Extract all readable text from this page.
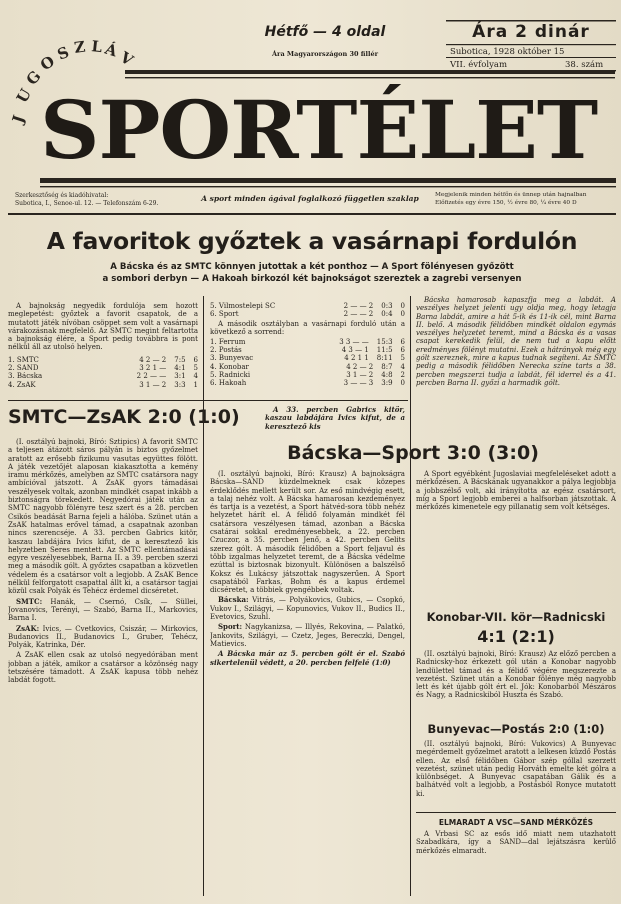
J
U
G
O
S Z L Á
V
SPORTÉLET
Hétfő — 4 oldal
Ára Magyarországon 30 fillér
Ára 2 dinár
Subotica, 1928 október 15
VII. évfolyam	38. szám
Szerkesztőség és kiadóhivatal:
Subotica, I., Senoe-ul. 12. — Telefonszám 6-29.
A sport minden ágával foglalkozó független szaklap	Megjelenik minden hétfőn és ünnep után hajnalban
Előfizetés egy évre 150, ½ évre 80, ¼ évre 40 D
A favoritok győztek a vasárnapi fordulón
A Bácska és az SMTC könnyen jutottak a két ponthoz — A Sport fölényesen győzött
a sombori derbyn — A Hakoah birkozól két bajnokságot szereztek a zagrebi versenyen

A bajnokság negyedik fordulója sem hozott meglepetést: győztek a favorit csapatok, de a mutatott játék nívóban csöppet sem volt a vasárnapi várakozásnak megfelelő. Az SMTC megint feltartotta a bajnokság élére, a Sport pedig továbbra is pont nélkül áll az utolsó helyen.

1. SMTC	4 2 — 2 7:5 6
2. SAND	3 2 1 — 4:1 5
3. Bácska	2 2 — — 3:1 4
4. ZsAK	3 1 — 2 3:3 1
5. Vilmostelepi SC	2 — — 2 0:3 0
6. Sport	2 — — 2 0:4 0

A második osztályban a vasárnapi forduló után a következő a sorrend:

1. Ferrum	3 3 — — 15:3 6
2. Postás	4 3 — 1 11:5 6
3. Bunyevac	4 2 1 1 8:11 5
4. Konobar	4 2 — 2 8:7 4
5. Radnicki	3 1 — 2 4:8 2
6. Hakoah	3 — — 3 3:9 0

Bácska hamarosab kapaszfja meg a labdát. A veszélyes helyzet jelenti ugy oldja meg, hogy letagja Barna labdát, amire a hát 5-ik és 11-ik cél, mint Barna II. belő. A második félidőben mindkét oldalon egymás veszélyes helyzetet teremt, mind a Bácska és a vasas csapat kerekedik felül, de nem tud a kapu előtt eredményes fölényt mutatni. Ezek a hátrányok még egy gólt szereznek, mire a kapus tudnak segíteni. Az SMTC pedig a második félidőben Nerecka színe tarts a 38. percben megszerzi tudja a labdát, fél iderrel és a 41. percben Barna II. győzi a harmadik gólt.

SMTC—ZsAK 2:0 (1:0)	A 33. percben Gabrics kitör, kaszau labdájára Ivics kifut, de a keresztező kis

(I. osztályú bajnoki, Bíró: Sztipics) A favorit SMTC a teljesen átázott sáros pályán is biztos győzelmet aratott az erősebb fizikumu vasutas együttes fölött. A játék vezetőjét alaposan kiakasztotta a kemény iramu mérkőzés, amelyben az SMTC csatársora nagy ambícióval játszott. A ZsAK gyors támadásai veszélyesek voltak, azonban mindkét csapat inkább a biztonságra törekedett. Negyedórai játék után az SMTC nagyobb fölényre tesz szert és a 28. percben Csikós beadását Barna fejeli a hálóba. Szünet után a ZsAK hatalmas erővel támad, a csapatnak azonban nincs szerencséje. A 33. percben Gabrics kitör, kaszau labdájára Ivics kifut, de a keresztező kis helyzetben Seres mentett. Az SMTC ellentámadásai egyre veszélyesebbek, Barna II. a 39. percben szerzi meg a második gólt. A győztes csapatban a közvetlen védelem és a csatársor volt a legjobb. A ZsAK Bence nélkül felforgatott csapattal állt ki, a csatársor tagjai közül csak Polyák és Tehécz érdemel dicséretet.

SMTC: Hanák, — Csernó, Csík, — Süllei, Jovanovics, Terényi, — Szabó, Barna II., Markovics, Barna I.

ZsAK: Ivics, — Cvetkovics, Csiszár, — Mirkovics, Budanovics II., Budanovics I., Gruber, Tehécz, Polyák, Katrinka, Dér.

A ZsAK ellen csak az utolsó negyedórában ment jobban a játék, amikor a csatársor a közönség nagy tetszésére támadott. A ZsAK kapusa több nehéz labdát fogott.

Bácska—Sport 3:0 (3:0)

(I. osztályú bajnoki, Bíró: Krausz) A bajnokságra Bácska—SAND küzdelmeknek csak közepes érdeklődés mellett került sor. Az eső mindvégig esett, a talaj nehéz volt. A Bácska hamarosan kezdeményez és tartja is a vezetést, a Sport hátvéd-sora több nehéz helyzetet hárít el. A félidő folyamán mindkét fél csatársora veszélyesen támad, azonban a Bácska csatárai sokkal eredményesebbek, a 22. percben Czuczor, a 35. percben Jenő, a 42. percben Gelits szerez gólt. A második félidőben a Sport feljavul és több izgalmas helyzetet teremt, de a Bácska védelme ezúttal is biztosnak bizonyult. Különösen a balszélső Koksz és Lukácsy játszottak nagyszerűen. A Sport csapatából Farkas, Bohm és a kapus érdemel dicséretet, a többiek gyengébbek voltak.

Bácska: Vitrás, — Polyákovics, Gubics, — Csopkó, Vukov I., Szilágyi, — Kopunovics, Vukov II., Budics II., Evetovics, Szuhl.

Sport: Nagykanizsa, — Illyés, Rekovina, — Palatkó, Jankovits, Szilágyi, — Czetz, Jeges, Bereczki, Dengel, Matievics.

A Bácska már az 5. percben gólt ér el. Szabó sikertelenül védett, a 20. percben felfelé (1:0)

A Sport egyébként Jugoslaviai megfeleléseket adott a mérkőzésen. A Bácskának ugyanakkor a pálya legjobbja a jobbszélső volt, aki irányította az egész csatársort, míg a Sport legjobb emberei a halfsorban játszottak. A mérkőzés kimenetele egy pillanatig sem volt kétséges.

Konobar-VII. kör—Radnicski
4:1 (2:1)

(II. osztályú bajnoki, Bíró: Krausz) Az előző percben a Radnicsky-hoz érkezett gól után a Konobar nagyobb lendülettel támad és a félidő végére megszerezte a vezetést. Szünet után a Konobar fölénye még nagyobb lett és két újabb gólt ért el. Jók: Konobarból Mészáros és Nagy, a Radnicskiból Huszta és Szabó.

Bunyevac—Postás 2:0 (1:0)

(II. osztályú bajnoki, Bíró: Vukovics) A Bunyevac megérdemelt győzelmet aratott a lelkesen küzdő Postás ellen. Az első félidőben Gábor szép góllal szerzett vezetést, szünet után pedig Horváth emelte két gólra a különbséget. A Bunyevac csapatában Gálik és a balhátvéd volt a legjobb, a Postásból Ronyce mutatott ki.

ELMARADT A VSC—SAND MÉRKŐZÉS

A Vrbasi SC az esős idő miatt nem utazhatott Szabadkára, így a SAND—dal lejátszásra kerülő mérkőzés elmaradt.
